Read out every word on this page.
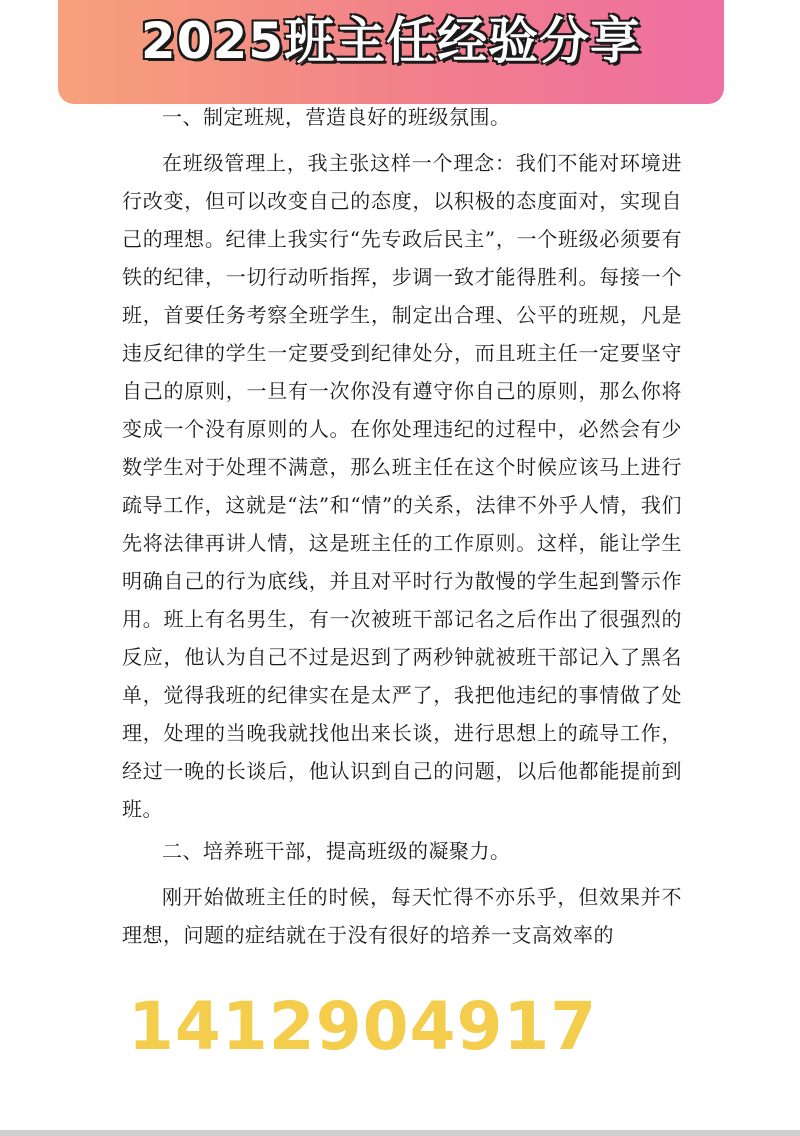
2025班主任经验分享

一、制定班规，营造良好的班级氛围。

在班级管理上，我主张这样一个理念：我们不能对环境进行改变，但可以改变自己的态度，以积极的态度面对，实现自己的理想。纪律上我实行“先专政后民主”，一个班级必须要有铁的纪律，一切行动听指挥，步调一致才能得胜利。每接一个班，首要任务考察全班学生，制定出合理、公平的班规，凡是违反纪律的学生一定要受到纪律处分，而且班主任一定要坚守自己的原则，一旦有一次你没有遵守你自己的原则，那么你将变成一个没有原则的人。在你处理违纪的过程中，必然会有少数学生对于处理不满意，那么班主任在这个时候应该马上进行疏导工作，这就是“法”和“情”的关系，法律不外乎人情，我们先将法律再讲人情，这是班主任的工作原则。这样，能让学生明确自己的行为底线，并且对平时行为散慢的学生起到警示作用。班上有名男生，有一次被班干部记名之后作出了很强烈的反应，他认为自己不过是迟到了两秒钟就被班干部记入了黑名单，觉得我班的纪律实在是太严了，我把他违纪的事情做了处理，处理的当晚我就找他出来长谈，进行思想上的疏导工作，经过一晚的长谈后，他认识到自己的问题，以后他都能提前到班。

二、培养班干部，提高班级的凝聚力。

刚开始做班主任的时候，每天忙得不亦乐乎，但效果并不理想，问题的症结就在于没有很好的培养一支高效率的

1412904917
